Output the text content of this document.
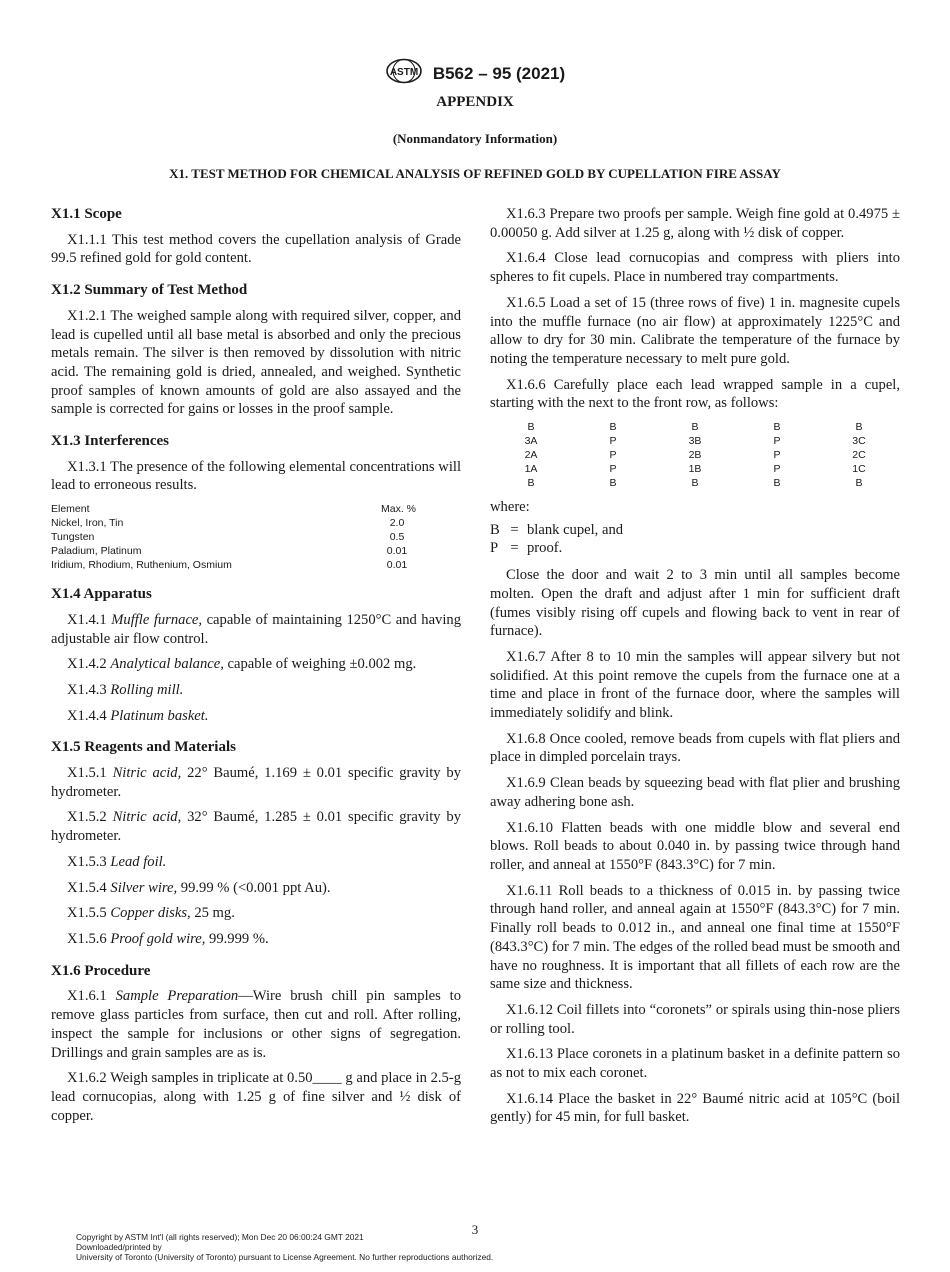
ASTM B562 – 95 (2021)
APPENDIX
(Nonmandatory Information)
X1. TEST METHOD FOR CHEMICAL ANALYSIS OF REFINED GOLD BY CUPELLATION FIRE ASSAY
X1.1 Scope

X1.1.1 This test method covers the cupellation analysis of Grade 99.5 refined gold for gold content.

X1.2 Summary of Test Method

X1.2.1 The weighed sample along with required silver, copper, and lead is cupelled until all base metal is absorbed and only the precious metals remain. The silver is then removed by dissolution with nitric acid. The remaining gold is dried, annealed, and weighed. Synthetic proof samples of known amounts of gold are also assayed and the sample is corrected for gains or losses in the proof sample.

X1.3 Interferences

X1.3.1 The presence of the following elemental concentrations will lead to erroneous results.

Element	Max. %
Nickel, Iron, Tin	2.0
Tungsten	0.5
Paladium, Platinum	0.01
Iridium, Rhodium, Ruthenium, Osmium	0.01
X1.4 Apparatus

X1.4.1 Muffle furnace, capable of maintaining 1250°C and having adjustable air flow control.

X1.4.2 Analytical balance, capable of weighing ±0.002 mg.

X1.4.3 Rolling mill.

X1.4.4 Platinum basket.

X1.5 Reagents and Materials

X1.5.1 Nitric acid, 22° Baumé, 1.169 ± 0.01 specific gravity by hydrometer.

X1.5.2 Nitric acid, 32° Baumé, 1.285 ± 0.01 specific gravity by hydrometer.

X1.5.3 Lead foil.

X1.5.4 Silver wire, 99.99 % (<0.001 ppt Au).

X1.5.5 Copper disks, 25 mg.

X1.5.6 Proof gold wire, 99.999 %.

X1.6 Procedure

X1.6.1 Sample Preparation—Wire brush chill pin samples to remove glass particles from surface, then cut and roll. After rolling, inspect the sample for inclusions or other signs of segregation. Drillings and grain samples are as is.

X1.6.2 Weigh samples in triplicate at 0.50____ g and place in 2.5-g lead cornucopias, along with 1.25 g of fine silver and ½ disk of copper.

X1.6.3 Prepare two proofs per sample. Weigh fine gold at 0.4975 ± 0.00050 g. Add silver at 1.25 g, along with ½ disk of copper.

X1.6.4 Close lead cornucopias and compress with pliers into spheres to fit cupels. Place in numbered tray compartments.

X1.6.5 Load a set of 15 (three rows of five) 1 in. magnesite cupels into the muffle furnace (no air flow) at approximately 1225°C and allow to dry for 30 min. Calibrate the temperature of the furnace by noting the temperature necessary to melt pure gold.

X1.6.6 Carefully place each lead wrapped sample in a cupel, starting with the next to the front row, as follows:

B	B	B	B	B
3A	P	3B	P	3C
2A	P	2B	P	2C
1A	P	1B	P	1C
B	B	B	B	B
where:
B = blank cupel, and
P = proof.

Close the door and wait 2 to 3 min until all samples become molten. Open the draft and adjust after 1 min for sufficient draft (fumes visibly rising off cupels and flowing back to vent in rear of furnace).

X1.6.7 After 8 to 10 min the samples will appear silvery but not solidified. At this point remove the cupels from the furnace one at a time and place in front of the furnace door, where the samples will immediately solidify and blink.

X1.6.8 Once cooled, remove beads from cupels with flat pliers and place in dimpled porcelain trays.

X1.6.9 Clean beads by squeezing bead with flat plier and brushing away adhering bone ash.

X1.6.10 Flatten beads with one middle blow and several end blows. Roll beads to about 0.040 in. by passing twice through hand roller, and anneal at 1550°F (843.3°C) for 7 min.

X1.6.11 Roll beads to a thickness of 0.015 in. by passing twice through hand roller, and anneal again at 1550°F (843.3°C) for 7 min. Finally roll beads to 0.012 in., and anneal one final time at 1550°F (843.3°C) for 7 min. The edges of the rolled bead must be smooth and have no roughness. It is important that all fillets of each row are the same size and thickness.

X1.6.12 Coil fillets into “coronets” or spirals using thin-nose pliers or rolling tool.

X1.6.13 Place coronets in a platinum basket in a definite pattern so as not to mix each coronet.

X1.6.14 Place the basket in 22° Baumé nitric acid at 105°C (boil gently) for 45 min, for full basket.

3
Copyright by ASTM Int'l (all rights reserved); Mon Dec 20 06:00:24 GMT 2021
Downloaded/printed by
University of Toronto (University of Toronto) pursuant to License Agreement. No further reproductions authorized.
